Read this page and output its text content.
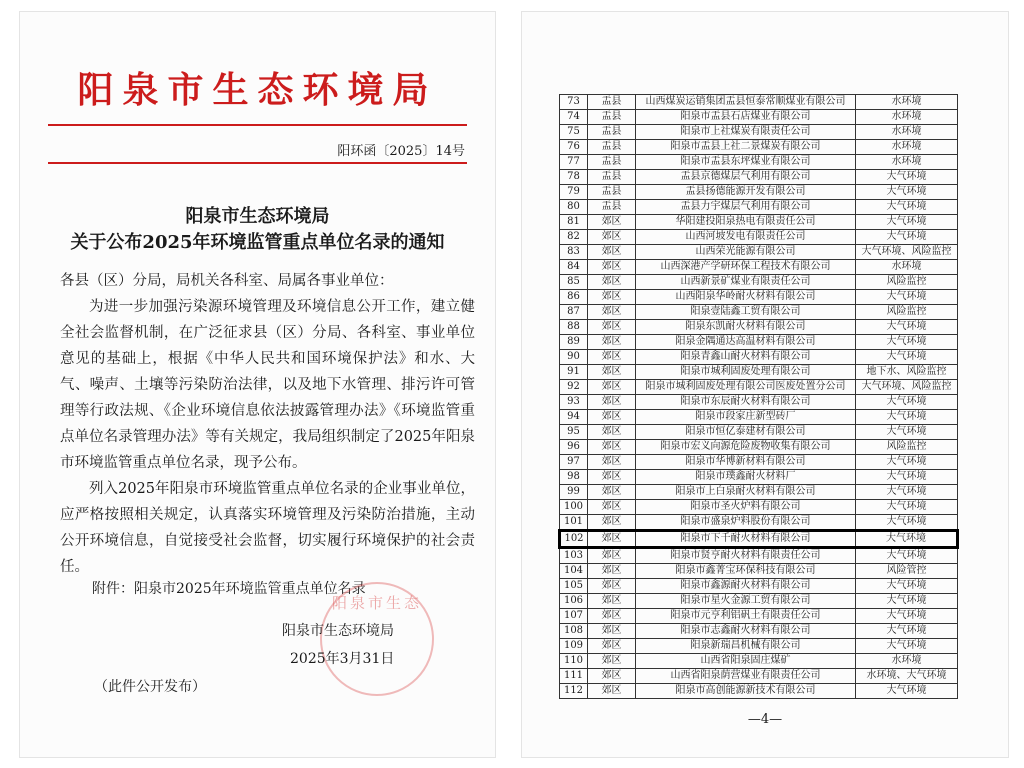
阳泉市生态环境局
阳环函〔2025〕14号
阳泉市生态环境局
关于公布2025年环境监管重点单位名录的通知

各县（区）分局，局机关各科室、局属各事业单位：

为进一步加强污染源环境管理及环境信息公开工作，建立健全社会监督机制，在广泛征求县（区）分局、各科室、事业单位意见的基础上，根据《中华人民共和国环境保护法》和水、大气、噪声、土壤等污染防治法律，以及地下水管理、排污许可管理等行政法规、《企业环境信息依法披露管理办法》《环境监管重点单位名录管理办法》等有关规定，我局组织制定了2025年阳泉市环境监管重点单位名录，现予公布。

列入2025年阳泉市环境监管重点单位名录的企业事业单位，应严格按照相关规定，认真落实环境管理及污染防治措施，主动公开环境信息，自觉接受社会监督，切实履行环境保护的社会责任。

附件：阳泉市2025年环境监管重点单位名录
阳泉市生态
阳泉市生态环境局
2025年3月31日
（此件公开发布）
73	盂县	山西煤炭运销集团盂县恒泰常顺煤业有限公司	水环境
74	盂县	阳泉市盂县石店煤业有限公司	水环境
75	盂县	阳泉市上社煤炭有限责任公司	水环境
76	盂县	阳泉市盂县上社二景煤炭有限公司	水环境
77	盂县	阳泉市盂县东坪煤业有限公司	水环境
78	盂县	盂县京德煤层气利用有限公司	大气环境
79	盂县	盂县扬德能源开发有限公司	大气环境
80	盂县	盂县力宇煤层气利用有限公司	大气环境
81	郊区	华阳建投阳泉热电有限责任公司	大气环境
82	郊区	山西河坡发电有限责任公司	大气环境
83	郊区	山西荣光能源有限公司	大气环境、风险监控
84	郊区	山西深港产学研环保工程技术有限公司	水环境
85	郊区	山西新景矿煤业有限责任公司	风险监控
86	郊区	山西阳泉华岭耐火材料有限公司	大气环境
87	郊区	阳泉壹陆鑫工贸有限公司	风险监控
88	郊区	阳泉东凯耐火材料有限公司	大气环境
89	郊区	阳泉金隅通达高温材料有限公司	大气环境
90	郊区	阳泉青鑫山耐火材料有限公司	大气环境
91	郊区	阳泉市城利固废处理有限公司	地下水、风险监控
92	郊区	阳泉市城利固废处理有限公司医废处置分公司	大气环境、风险监控
93	郊区	阳泉市东辰耐火材料有限公司	大气环境
94	郊区	阳泉市段家庄新型砖厂	大气环境
95	郊区	阳泉市恒亿泰建材有限公司	大气环境
96	郊区	阳泉市宏义向源危险废物收集有限公司	风险监控
97	郊区	阳泉市华博新材料有限公司	大气环境
98	郊区	阳泉市璞鑫耐火材料厂	大气环境
99	郊区	阳泉市上白泉耐火材料有限公司	大气环境
100	郊区	阳泉市圣火炉料有限公司	大气环境
101	郊区	阳泉市盛泉炉料股份有限公司	大气环境
102	郊区	阳泉市下千耐火材料有限公司	大气环境
103	郊区	阳泉市贤亨耐火材料有限责任公司	大气环境
104	郊区	阳泉市鑫菁宝环保科技有限公司	风险管控
105	郊区	阳泉市鑫源耐火材料有限公司	大气环境
106	郊区	阳泉市星火金源工贸有限公司	大气环境
107	郊区	阳泉市元亨利铝矾土有限责任公司	大气环境
108	郊区	阳泉市志鑫耐火材料有限公司	大气环境
109	郊区	阳泉新瑞昌机械有限公司	大气环境
110	郊区	山西省阳泉固庄煤矿	水环境
111	郊区	山西省阳泉荫营煤业有限责任公司	水环境、大气环境
112	郊区	阳泉市高创能源新技术有限公司	大气环境
—4—
